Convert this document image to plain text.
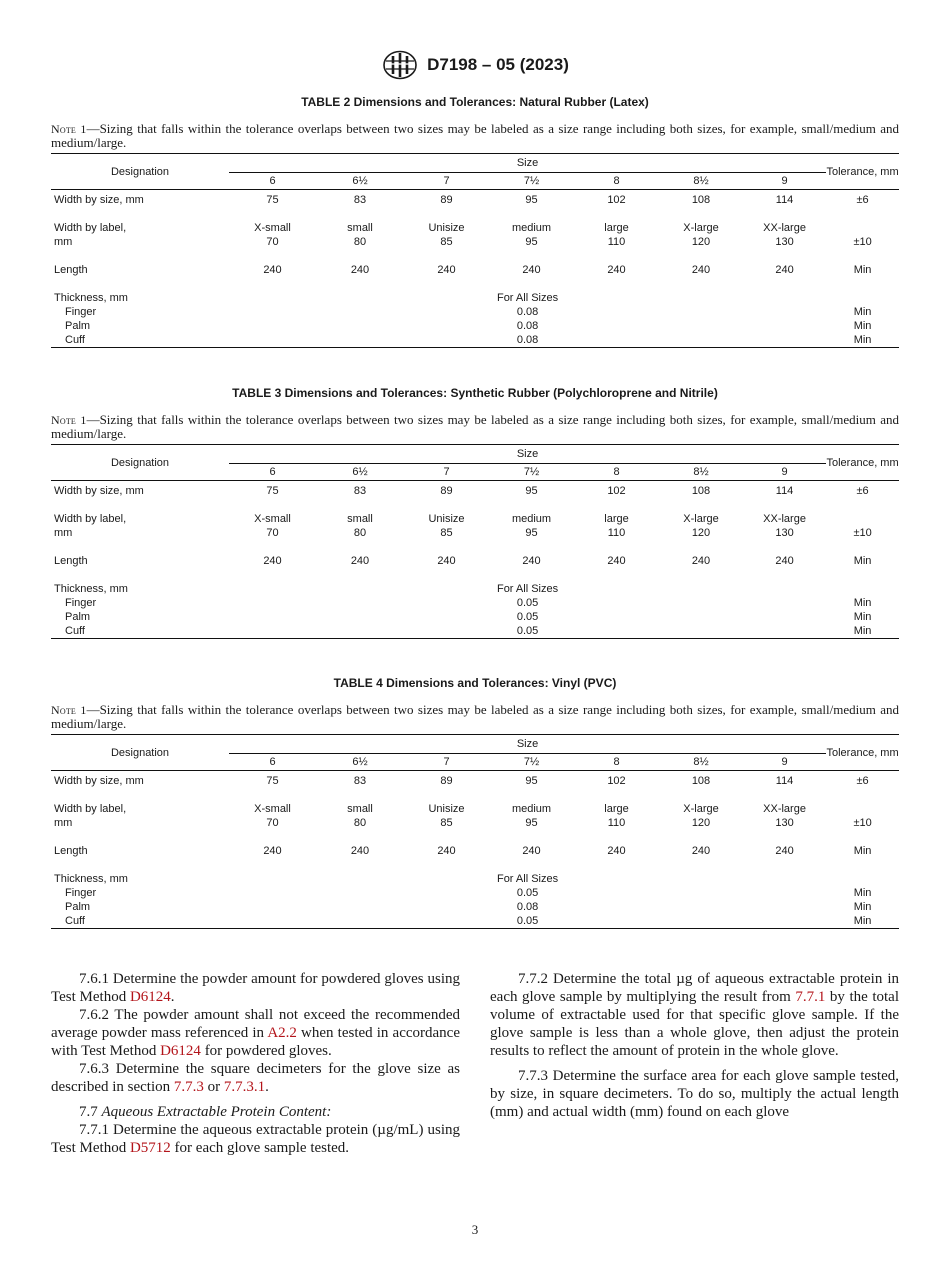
D7198 – 05 (2023)

TABLE 2 Dimensions and Tolerances: Natural Rubber (Latex)

Note 1—Sizing that falls within the tolerance overlaps between two sizes may be labeled as a size range including both sizes, for example, small/medium and medium/large.

Designation	Size							Tolerance, mm
	6	6½	7	7½	8	8½	9	
Width by size, mm	75	83	89	95	102	108	114	±6

Width by label,	X-small	small	Unisize	medium	large	X-large	XX-large	
mm	70	80	85	95	110	120	130	±10

Length	240	240	240	240	240	240	240	Min

Thickness, mm	For All Sizes							
Finger	0.08							Min
Palm	0.08							Min
Cuff	0.08							Min

TABLE 3 Dimensions and Tolerances: Synthetic Rubber (Polychloroprene and Nitrile)

Note 1—Sizing that falls within the tolerance overlaps between two sizes may be labeled as a size range including both sizes, for example, small/medium and medium/large.

Designation	Size							Tolerance, mm
	6	6½	7	7½	8	8½	9	
Width by size, mm	75	83	89	95	102	108	114	±6

Width by label,	X-small	small	Unisize	medium	large	X-large	XX-large	
mm	70	80	85	95	110	120	130	±10

Length	240	240	240	240	240	240	240	Min

Thickness, mm	For All Sizes							
Finger	0.05							Min
Palm	0.05							Min
Cuff	0.05							Min

TABLE 4 Dimensions and Tolerances: Vinyl (PVC)

Note 1—Sizing that falls within the tolerance overlaps between two sizes may be labeled as a size range including both sizes, for example, small/medium and medium/large.

Designation	Size							Tolerance, mm
	6	6½	7	7½	8	8½	9	
Width by size, mm	75	83	89	95	102	108	114	±6

Width by label,	X-small	small	Unisize	medium	large	X-large	XX-large	
mm	70	80	85	95	110	120	130	±10

Length	240	240	240	240	240	240	240	Min

Thickness, mm	For All Sizes							
Finger	0.05							Min
Palm	0.08							Min
Cuff	0.05							Min

7.6.1 Determine the powder amount for powdered gloves using Test Method D6124.

7.6.2 The powder amount shall not exceed the recommended average powder mass referenced in A2.2 when tested in accordance with Test Method D6124 for powdered gloves.

7.6.3 Determine the square decimeters for the glove size as described in section 7.7.3 or 7.7.3.1.

7.7 Aqueous Extractable Protein Content:

7.7.1 Determine the aqueous extractable protein (µg/mL) using Test Method D5712 for each glove sample tested.

7.7.2 Determine the total µg of aqueous extractable protein in each glove sample by multiplying the result from 7.7.1 by the total volume of extractable used for that specific glove sample. If the glove sample is less than a whole glove, then adjust the protein results to reflect the amount of protein in the whole glove.

7.7.3 Determine the surface area for each glove sample tested, by size, in square decimeters. To do so, multiply the actual length (mm) and actual width (mm) found on each glove

3
